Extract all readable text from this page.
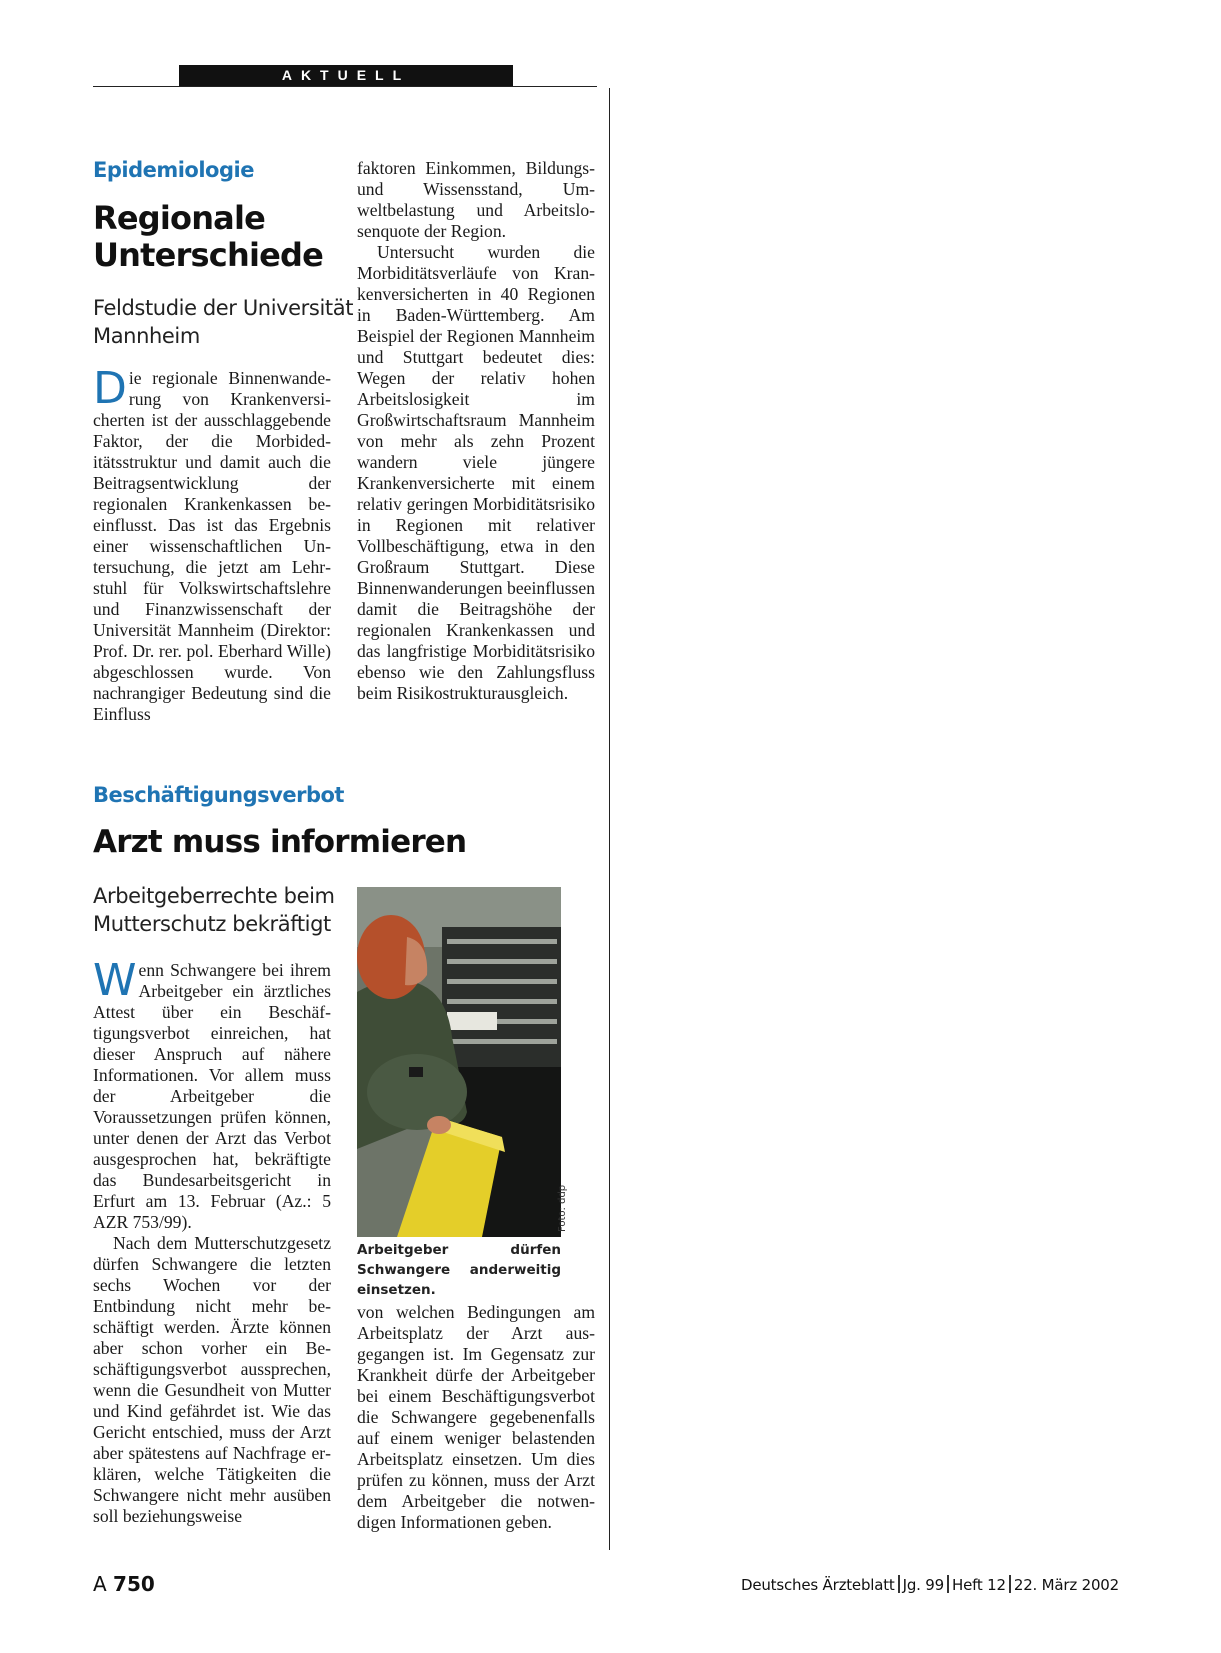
AKTUELL
Epidemiologie
Regionale
Unterschiede
Feldstudie der Universität
Mannheim

Die regionale Binnenwanderung von Krankenversicherten ist der ausschlaggebende Faktor, der die Morbideditätsstruktur und damit auch die Beitragsentwicklung der regionalen Krankenkassen beeinflusst. Das ist das Ergebnis einer wissenschaftlichen Untersuchung, die jetzt am Lehrstuhl für Volkswirtschaftslehre und Finanzwissenschaft der Universität Mannheim (Direktor: Prof. Dr. rer. pol. Eberhard Wille) abgeschlossen wurde. Von nachrangiger Bedeutung sind die Einfluss

faktoren Einkommen, Bildungs- und Wissensstand, Umweltbelastung und Arbeitslosenquote der Region.

Untersucht wurden die Morbiditätsverläufe von Krankenversicherten in 40 Regionen in Baden-Württemberg. Am Beispiel der Regionen Mannheim und Stuttgart bedeutet dies: Wegen der relativ hohen Arbeitslosigkeit im Großwirtschaftsraum Mannheim von mehr als zehn Prozent wandern viele jüngere Krankenversicherte mit einem relativ geringen Morbiditätsrisiko in Regionen mit relativer Vollbeschäftigung, etwa in den Großraum Stuttgart. Diese Binnenwanderungen beeinflussen damit die Beitragshöhe der regionalen Krankenkassen und das langfristige Morbiditätsrisiko ebenso wie den Zahlungsfluss beim Risikostrukturausgleich.

Beschäftigungsverbot
Arzt muss informieren
Arbeitgeberrechte beim
Mutterschutz bekräftigt

Wenn Schwangere bei ihrem Arbeitgeber ein ärztliches Attest über ein Beschäftigungsverbot einreichen, hat dieser Anspruch auf nähere Informationen. Vor allem muss der Arbeitgeber die Voraussetzungen prüfen können, unter denen der Arzt das Verbot ausgesprochen hat, bekräftigte das Bundesarbeitsgericht in Erfurt am 13. Februar (Az.: 5 AZR 753/99).

Nach dem Mutterschutzgesetz dürfen Schwangere die letzten sechs Wochen vor der Entbindung nicht mehr beschäftigt werden. Ärzte können aber schon vorher ein Beschäftigungsverbot aussprechen, wenn die Gesundheit von Mutter und Kind gefährdet ist. Wie das Gericht entschied, muss der Arzt aber spätestens auf Nachfrage erklären, welche Tätigkeiten die Schwangere nicht mehr ausüben soll beziehungsweise

Foto: ddp
Arbeitgeber dürfen Schwangere anderweitig einsetzen.

von welchen Bedingungen am Arbeitsplatz der Arzt ausgegangen ist. Im Gegensatz zur Krankheit dürfe der Arbeitgeber bei einem Beschäftigungsverbot die Schwangere gegebenenfalls auf einem weniger belastenden Arbeitsplatz einsetzen. Um dies prüfen zu können, muss der Arzt dem Arbeitgeber die notwendigen Informationen geben.

A 750	Deutsches Ärzteblatt Jg. 99 Heft 12 22. März 2002
